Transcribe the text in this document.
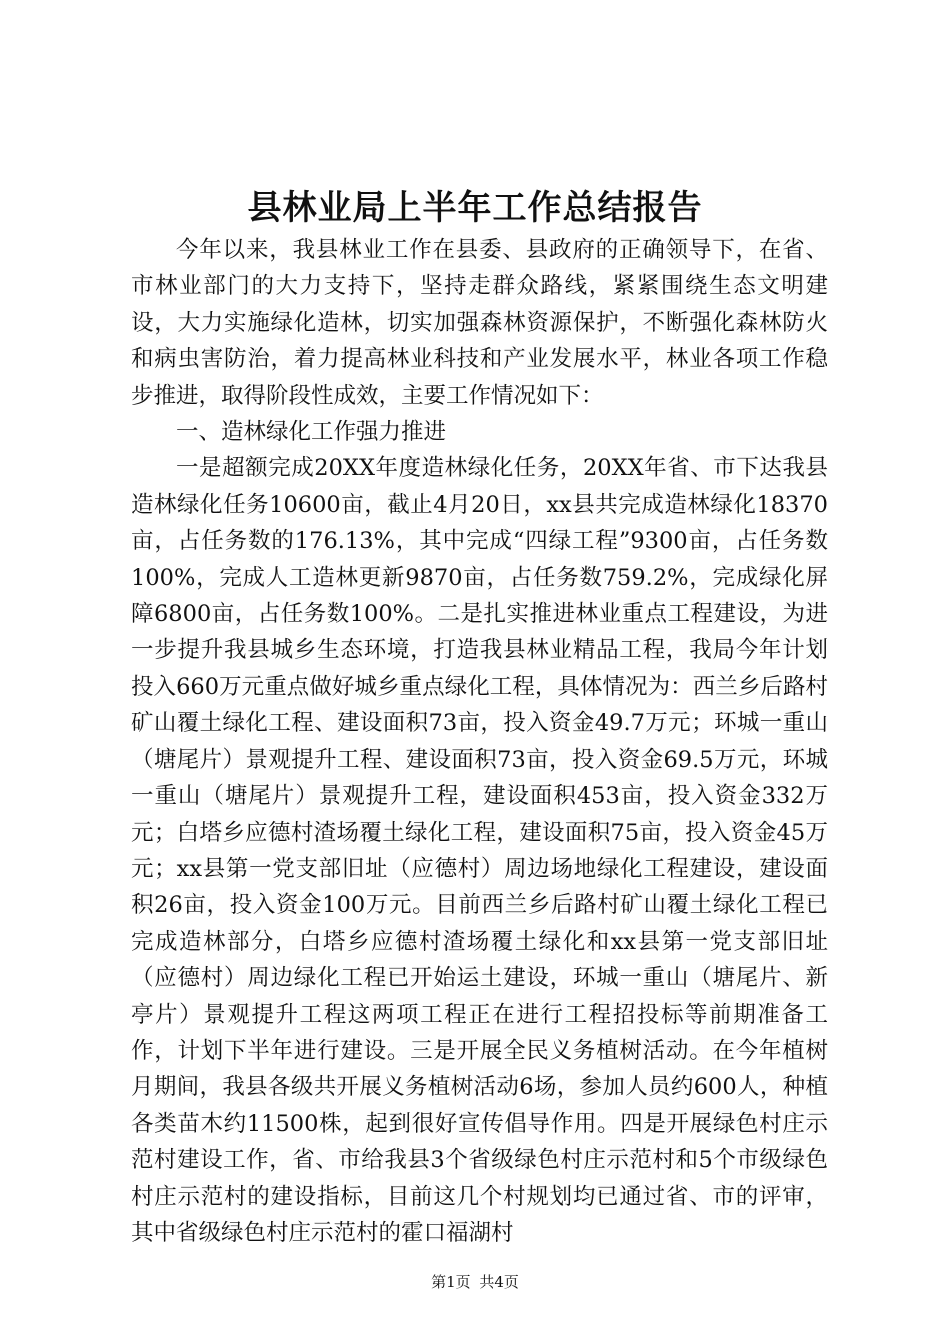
县林业局上半年工作总结报告

今年以来，我县林业工作在县委、县政府的正确领导下，在省、市林业部门的大力支持下，坚持走群众路线，紧紧围绕生态文明建设，大力实施绿化造林，切实加强森林资源保护，不断强化森林防火和病虫害防治，着力提高林业科技和产业发展水平，林业各项工作稳步推进，取得阶段性成效，主要工作情况如下：

一、造林绿化工作强力推进

一是超额完成20XX年度造林绿化任务，20XX年省、市下达我县造林绿化任务10600亩，截止4月20日，xx县共完成造林绿化18370亩，占任务数的176.13%，其中完成“四绿工程”9300亩，占任务数100%，完成人工造林更新9870亩，占任务数759.2%，完成绿化屏障6800亩，占任务数100%。二是扎实推进林业重点工程建设，为进一步提升我县城乡生态环境，打造我县林业精品工程，我局今年计划投入660万元重点做好城乡重点绿化工程，具体情况为：西兰乡后路村矿山覆土绿化工程、建设面积73亩，投入资金49.7万元；环城一重山（塘尾片）景观提升工程、建设面积73亩，投入资金69.5万元，环城一重山（塘尾片）景观提升工程，建设面积453亩，投入资金332万元；白塔乡应德村渣场覆土绿化工程，建设面积75亩，投入资金45万元；xx县第一党支部旧址（应德村）周边场地绿化工程建设，建设面积26亩，投入资金100万元。目前西兰乡后路村矿山覆土绿化工程已完成造林部分，白塔乡应德村渣场覆土绿化和xx县第一党支部旧址（应德村）周边绿化工程已开始运土建设，环城一重山（塘尾片、新亭片）景观提升工程这两项工程正在进行工程招投标等前期准备工作，计划下半年进行建设。三是开展全民义务植树活动。在今年植树月期间，我县各级共开展义务植树活动6场，参加人员约600人，种植各类苗木约11500株，起到很好宣传倡导作用。四是开展绿色村庄示范村建设工作，省、市给我县3个省级绿色村庄示范村和5个市级绿色村庄示范村的建设指标，目前这几个村规划均已通过省、市的评审，其中省级绿色村庄示范村的霍口福湖村

第1页 共4页
